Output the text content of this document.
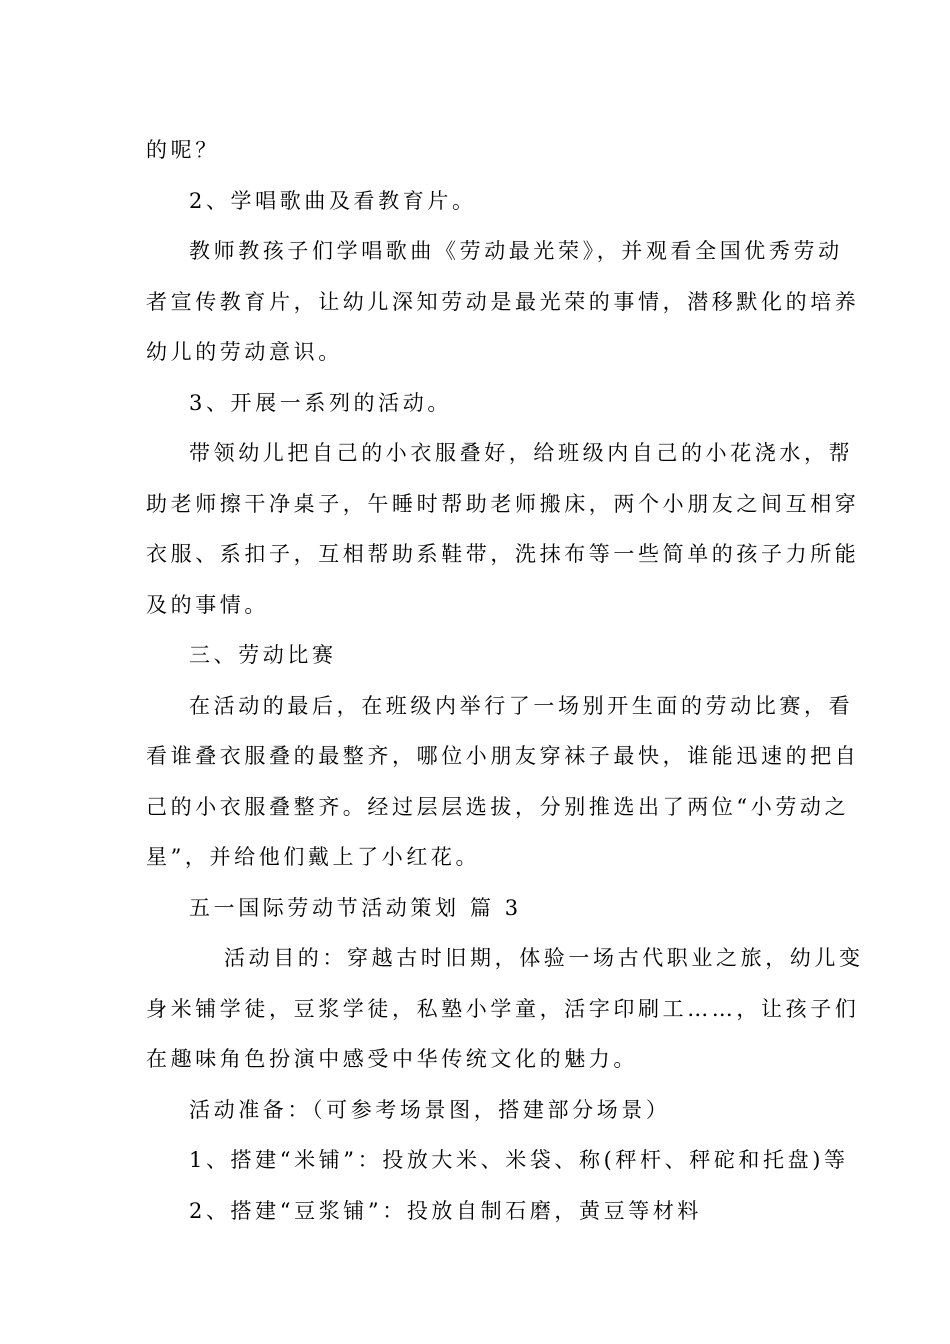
的呢？
2、学唱歌曲及看教育片。
教师教孩子们学唱歌曲《劳动最光荣》，并观看全国优秀劳动
者宣传教育片，让幼儿深知劳动是最光荣的事情，潜移默化的培养
幼儿的劳动意识。
3、开展一系列的活动。
带领幼儿把自己的小衣服叠好，给班级内自己的小花浇水，帮
助老师擦干净桌子，午睡时帮助老师搬床，两个小朋友之间互相穿
衣服、系扣子，互相帮助系鞋带，洗抹布等一些简单的孩子力所能
及的事情。
三、劳动比赛
在活动的最后，在班级内举行了一场别开生面的劳动比赛，看
看谁叠衣服叠的最整齐，哪位小朋友穿袜子最快，谁能迅速的把自
己的小衣服叠整齐。经过层层选拔，分别推选出了两位“小劳动之
星”，并给他们戴上了小红花。
五一国际劳动节活动策划 篇 3
活动目的：穿越古时旧期，体验一场古代职业之旅，幼儿变
身米铺学徒，豆浆学徒，私塾小学童，活字印刷工……，让孩子们
在趣味角色扮演中感受中华传统文化的魅力。
活动准备：（可参考场景图，搭建部分场景）
1、搭建“米铺”：投放大米、米袋、称(秤杆、秤砣和托盘)等
2、搭建“豆浆铺”：投放自制石磨，黄豆等材料
